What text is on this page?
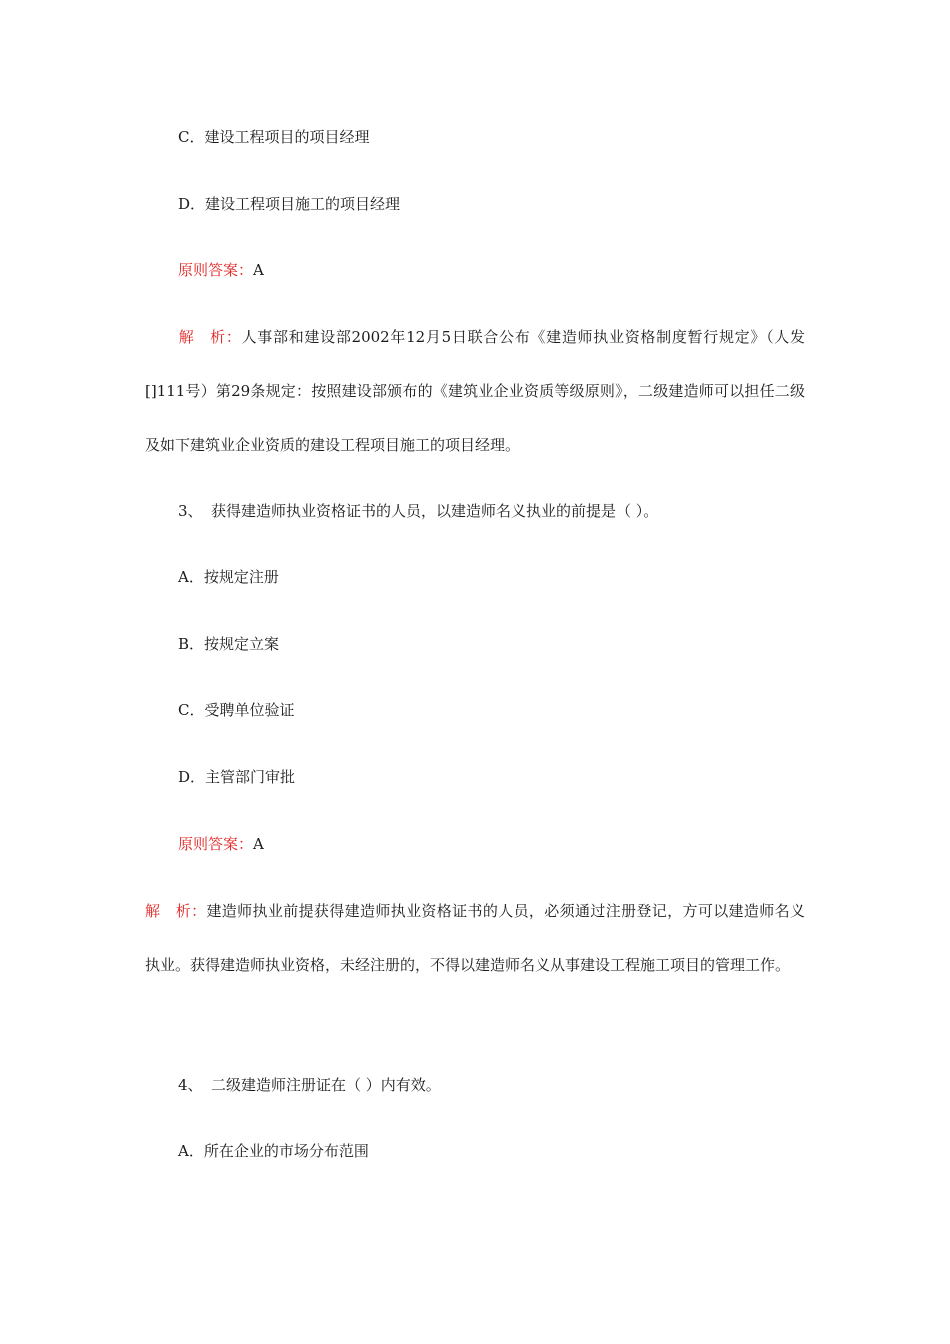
C．建设工程项目的项目经理
D．建设工程项目施工的项目经理
原则答案：A
解　析：人事部和建设部2002年12月5日联合公布《建造师执业资格制度暂行规定》（人发[]111号）第29条规定：按照建设部颁布的《建筑业企业资质等级原则》，二级建造师可以担任二级及如下建筑业企业资质的建设工程项目施工的项目经理。
3、 获得建造师执业资格证书的人员，以建造师名义执业的前提是（ ）。
A．按规定注册
B．按规定立案
C．受聘单位验证
D．主管部门审批
原则答案：A
解　析：建造师执业前提获得建造师执业资格证书的人员，必须通过注册登记，方可以建造师名义执业。获得建造师执业资格，未经注册的，不得以建造师名义从事建设工程施工项目的管理工作。
4、 二级建造师注册证在（ ）内有效。
A．所在企业的市场分布范围
